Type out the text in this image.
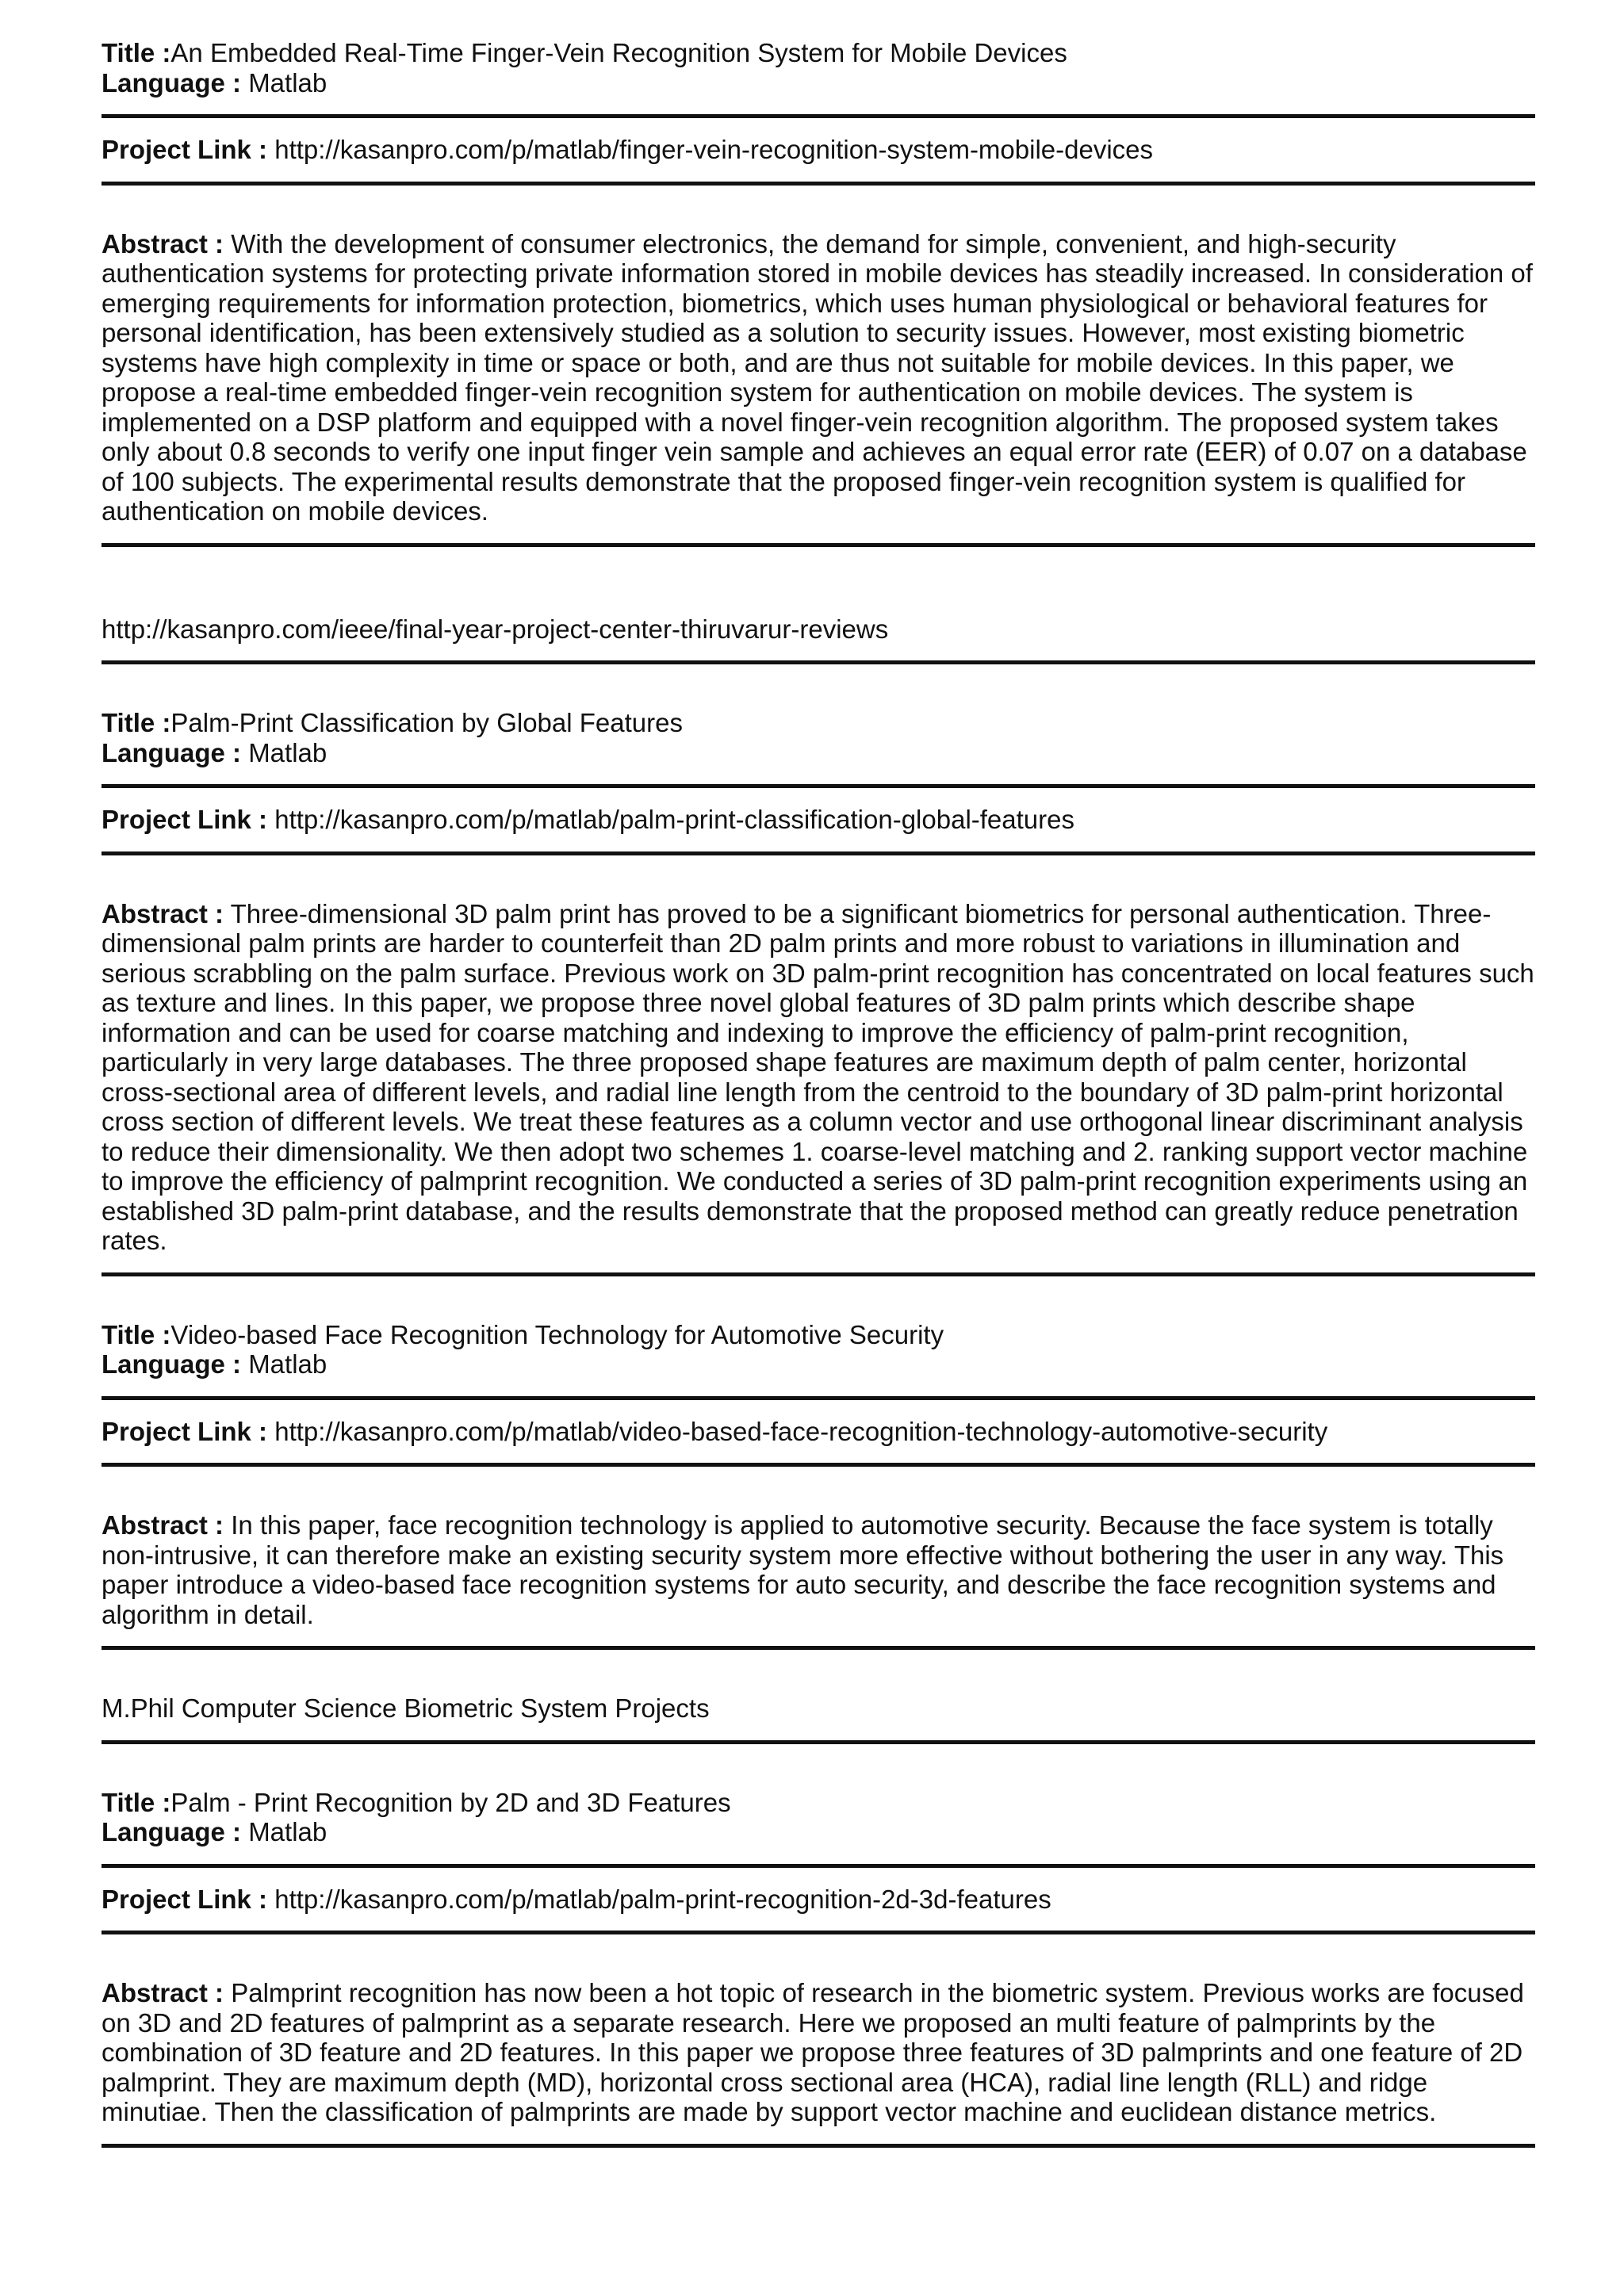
Title :An Embedded Real-Time Finger-Vein Recognition System for Mobile Devices

Language : Matlab

Project Link : http://kasanpro.com/p/matlab/finger-vein-recognition-system-mobile-devices

Abstract : With the development of consumer electronics, the demand for simple, convenient, and high-security authentication systems for protecting private information stored in mobile devices has steadily increased. In consideration of emerging requirements for information protection, biometrics, which uses human physiological or behavioral features for personal identification, has been extensively studied as a solution to security issues. However, most existing biometric systems have high complexity in time or space or both, and are thus not suitable for mobile devices. In this paper, we propose a real-time embedded finger-vein recognition system for authentication on mobile devices. The system is implemented on a DSP platform and equipped with a novel finger-vein recognition algorithm. The proposed system takes only about 0.8 seconds to verify one input finger vein sample and achieves an equal error rate (EER) of 0.07 on a database of 100 subjects. The experimental results demonstrate that the proposed finger-vein recognition system is qualified for authentication on mobile devices.

http://kasanpro.com/ieee/final-year-project-center-thiruvarur-reviews

Title :Palm-Print Classification by Global Features

Language : Matlab

Project Link : http://kasanpro.com/p/matlab/palm-print-classification-global-features

Abstract : Three-dimensional 3D palm print has proved to be a significant biometrics for personal authentication. Three- dimensional palm prints are harder to counterfeit than 2D palm prints and more robust to variations in illumination and serious scrabbling on the palm surface. Previous work on 3D palm-print recognition has concentrated on local features such as texture and lines. In this paper, we propose three novel global features of 3D palm prints which describe shape information and can be used for coarse matching and indexing to improve the efficiency of palm-print recognition, particularly in very large databases. The three proposed shape features are maximum depth of palm center, horizontal cross-sectional area of different levels, and radial line length from the centroid to the boundary of 3D palm-print horizontal cross section of different levels. We treat these features as a column vector and use orthogonal linear discriminant analysis to reduce their dimensionality. We then adopt two schemes 1. coarse-level matching and 2. ranking support vector machine to improve the efficiency of palmprint recognition. We conducted a series of 3D palm-print recognition experiments using an established 3D palm-print database, and the results demonstrate that the proposed method can greatly reduce penetration rates.

Title :Video-based Face Recognition Technology for Automotive Security

Language : Matlab

Project Link : http://kasanpro.com/p/matlab/video-based-face-recognition-technology-automotive-security

Abstract : In this paper, face recognition technology is applied to automotive security. Because the face system is totally non-intrusive, it can therefore make an existing security system more effective without bothering the user in any way. This paper introduce a video-based face recognition systems for auto security, and describe the face recognition systems and algorithm in detail.

M.Phil Computer Science Biometric System Projects

Title :Palm - Print Recognition by 2D and 3D Features

Language : Matlab

Project Link : http://kasanpro.com/p/matlab/palm-print-recognition-2d-3d-features

Abstract : Palmprint recognition has now been a hot topic of research in the biometric system. Previous works are focused on 3D and 2D features of palmprint as a separate research. Here we proposed an multi feature of palmprints by the combination of 3D feature and 2D features. In this paper we propose three features of 3D palmprints and one feature of 2D palmprint. They are maximum depth (MD), horizontal cross sectional area (HCA), radial line length (RLL) and ridge minutiae. Then the classification of palmprints are made by support vector machine and euclidean distance metrics.
